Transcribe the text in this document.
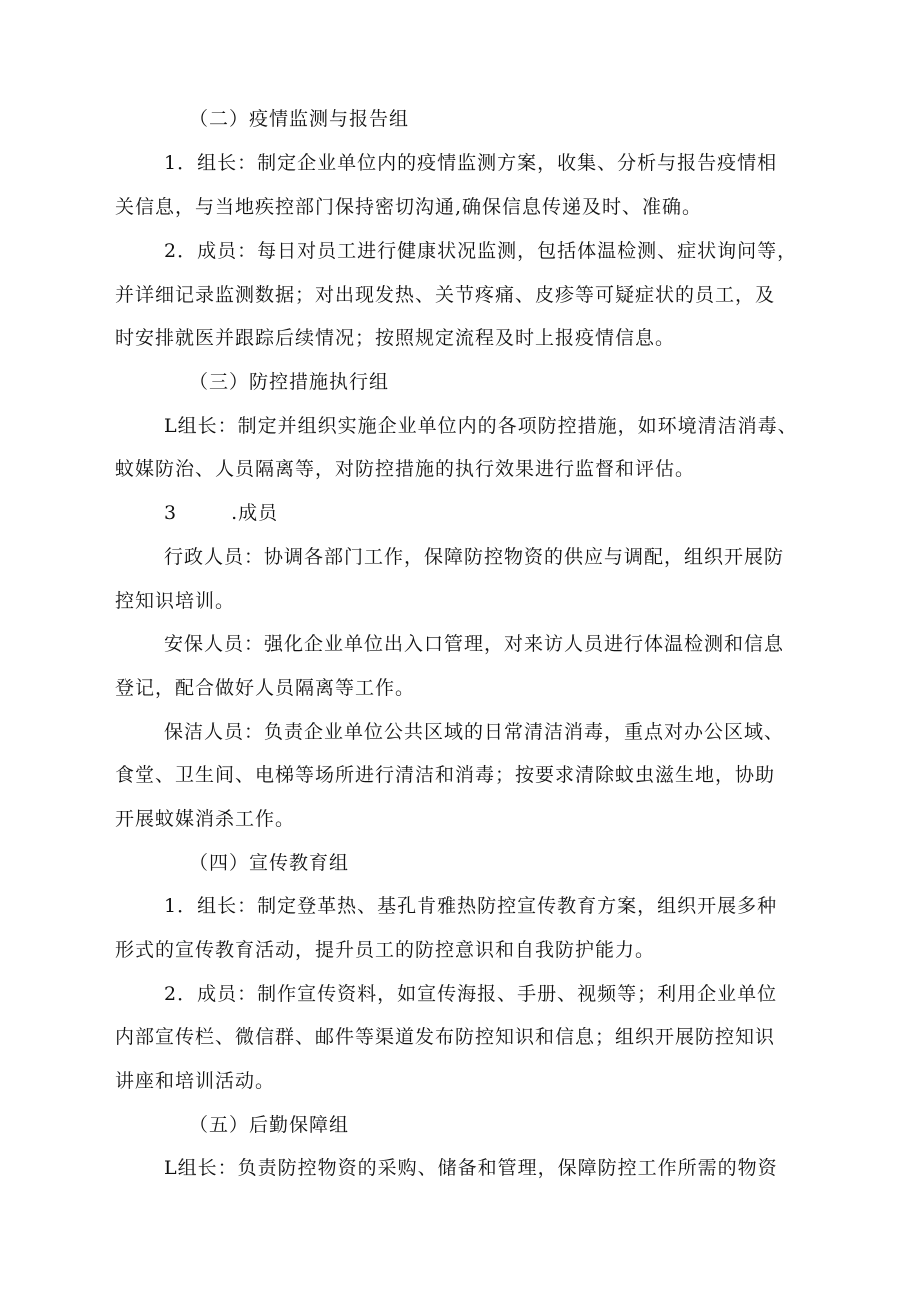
（二）疫情监测与报告组
1．组长：制定企业单位内的疫情监测方案，收集、分析与报告疫情相
关信息，与当地疾控部门保持密切沟通,确保信息传递及时、准确。
2．成员：每日对员工进行健康状况监测，包括体温检测、症状询问等，
并详细记录监测数据；对出现发热、关节疼痛、皮疹等可疑症状的员工，及
时安排就医并跟踪后续情况；按照规定流程及时上报疫情信息。
（三）防控措施执行组
L组长：制定并组织实施企业单位内的各项防控措施，如环境清洁消毒、
蚊媒防治、人员隔离等，对防控措施的执行效果进行监督和评估。
3	.成员
行政人员：协调各部门工作，保障防控物资的供应与调配，组织开展防
控知识培训。
安保人员：强化企业单位出入口管理，对来访人员进行体温检测和信息
登记，配合做好人员隔离等工作。
保洁人员：负责企业单位公共区域的日常清洁消毒，重点对办公区域、
食堂、卫生间、电梯等场所进行清洁和消毒；按要求清除蚊虫滋生地，协助
开展蚊媒消杀工作。
（四）宣传教育组
1．组长：制定登革热、基孔肯雅热防控宣传教育方案，组织开展多种
形式的宣传教育活动，提升员工的防控意识和自我防护能力。
2．成员：制作宣传资料，如宣传海报、手册、视频等；利用企业单位
内部宣传栏、微信群、邮件等渠道发布防控知识和信息；组织开展防控知识
讲座和培训活动。
（五）后勤保障组
L组长：负责防控物资的采购、储备和管理，保障防控工作所需的物资
